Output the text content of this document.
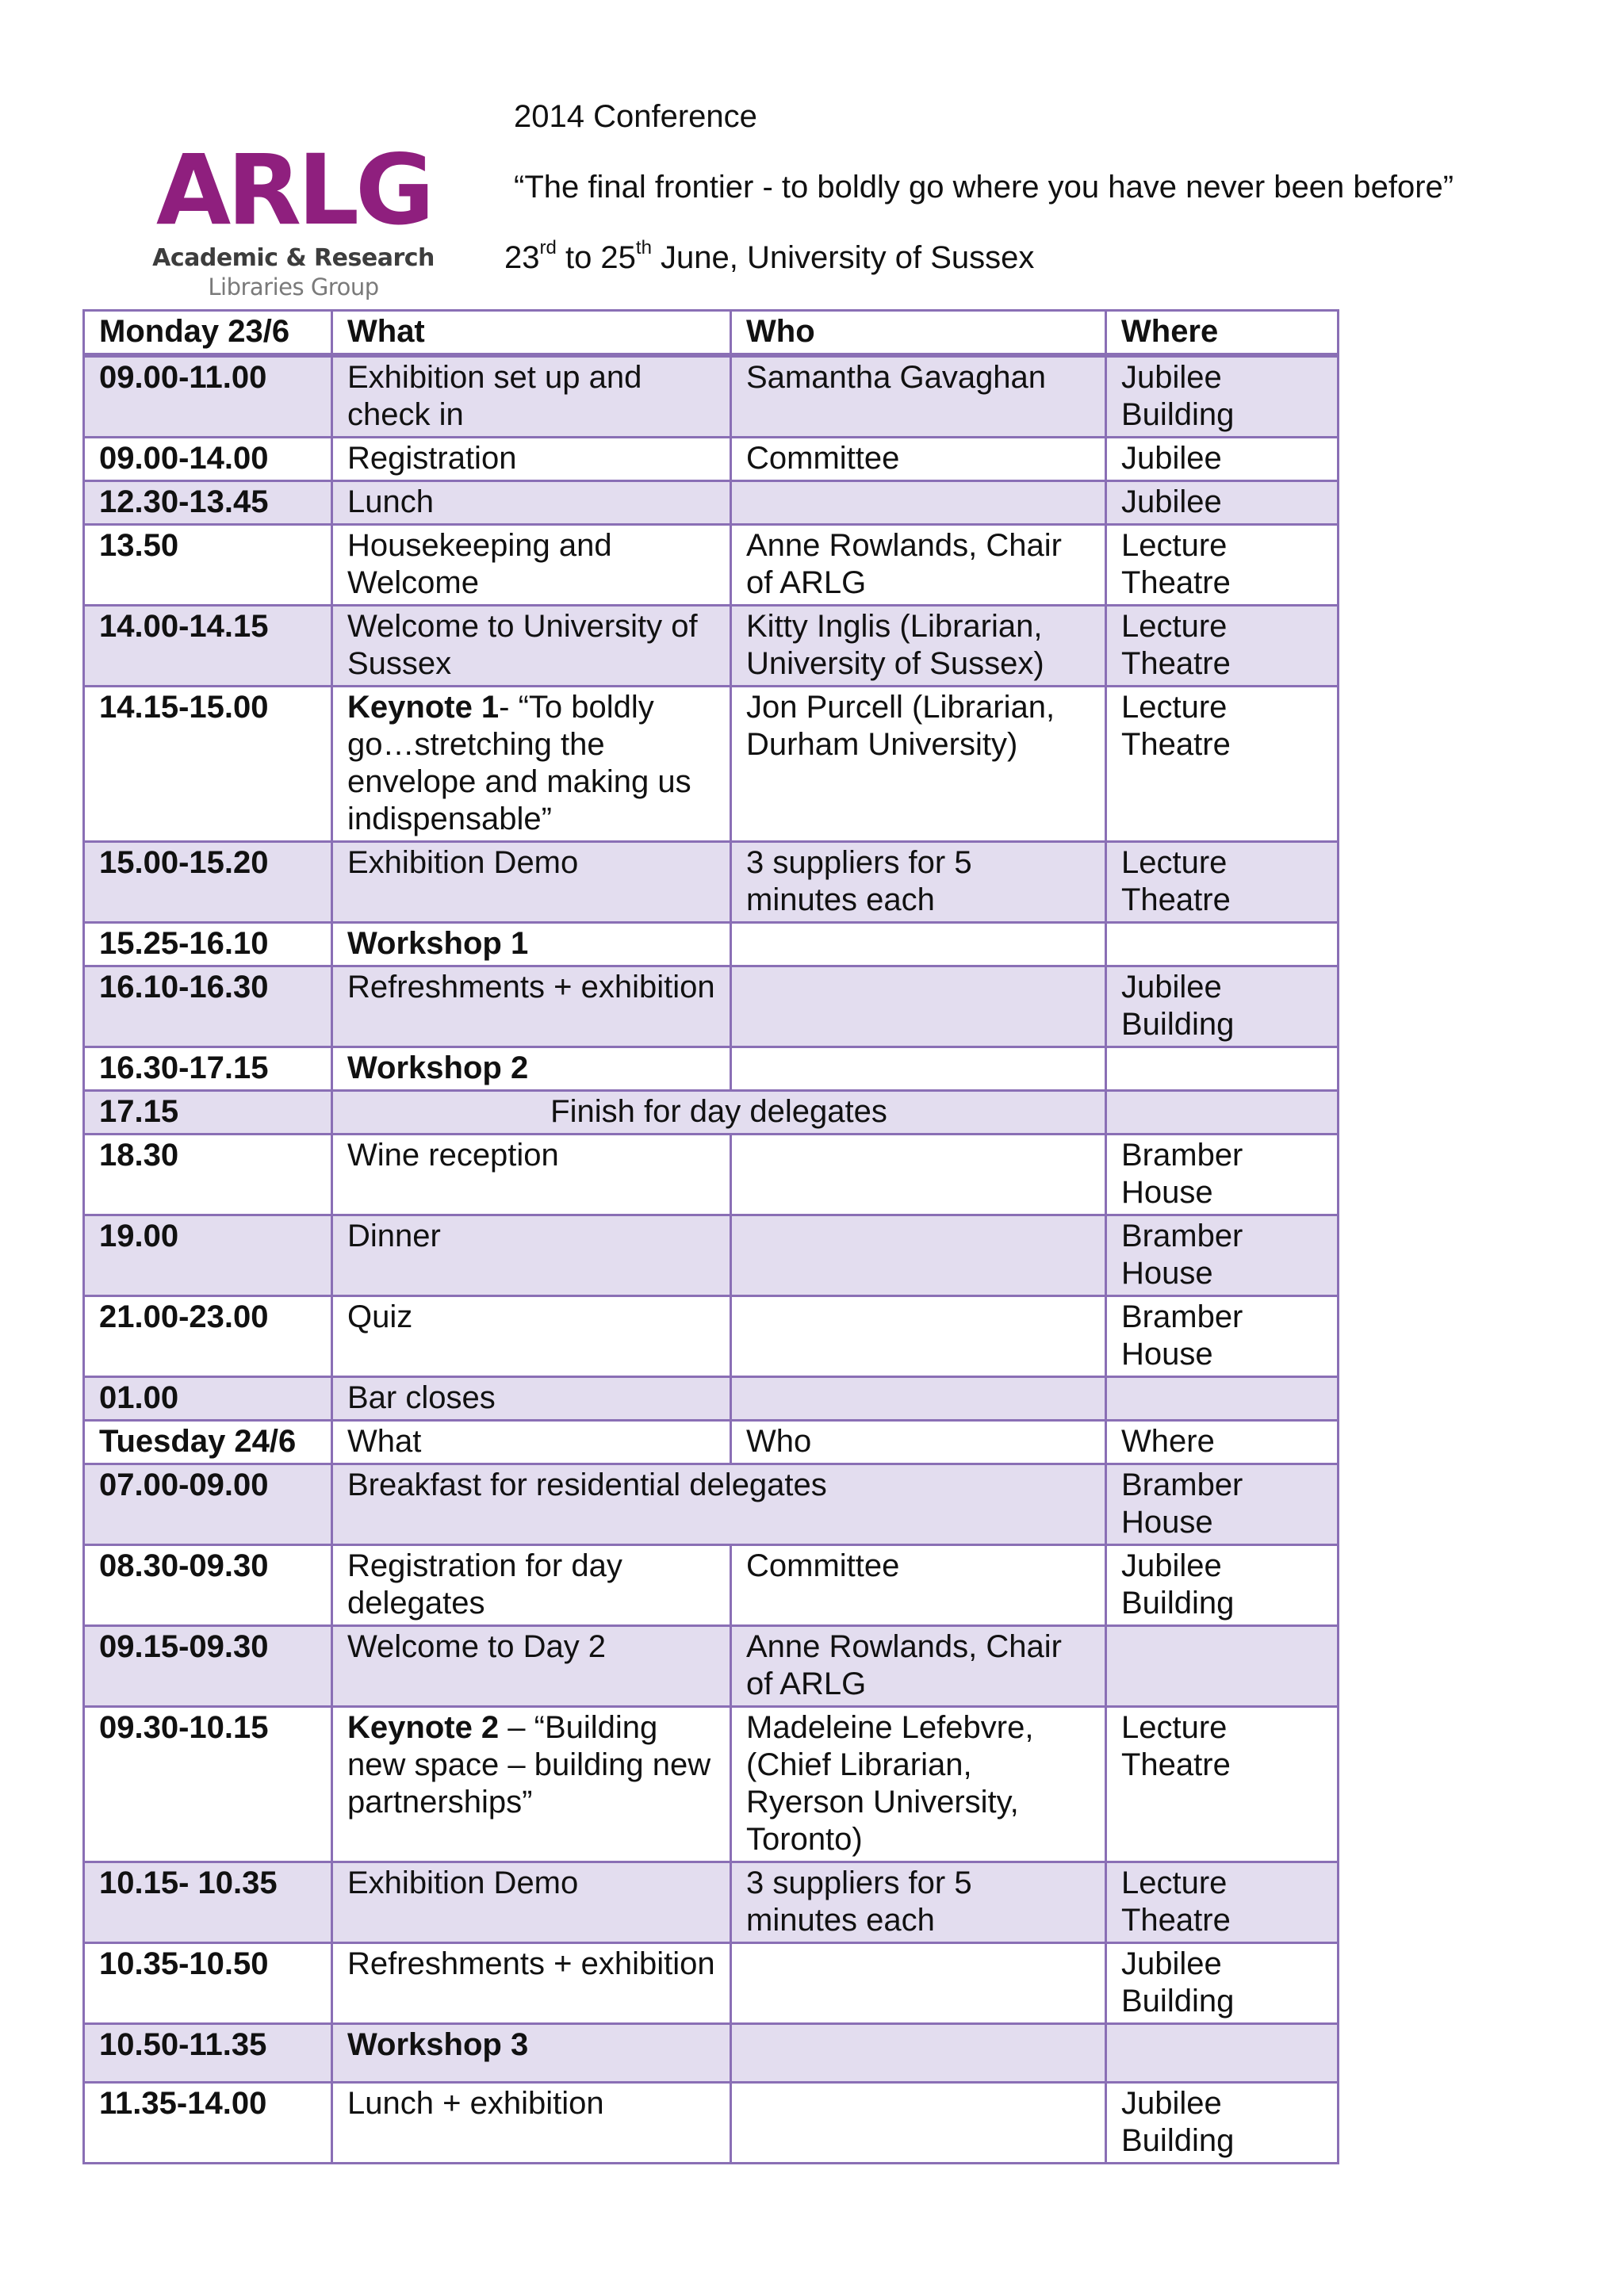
ARLG
Academic & Research
Libraries Group
2014 Conference
“The final frontier - to boldly go where you have never been before”
23rd to 25th June, University of Sussex
Monday 23/6	What	Who	Where
09.00-11.00	Exhibition set up and check in	Samantha Gavaghan	Jubilee Building
09.00-14.00	Registration	Committee	Jubilee
12.30-13.45	Lunch		Jubilee
13.50	Housekeeping and Welcome	Anne Rowlands, Chair of ARLG	Lecture Theatre
14.00-14.15	Welcome to University of Sussex	Kitty Inglis (Librarian, University of Sussex)	Lecture Theatre
14.15-15.00	Keynote 1- “To boldly go…stretching the envelope and making us indispensable”	Jon Purcell (Librarian, Durham University)	Lecture Theatre
15.00-15.20	Exhibition Demo	3 suppliers for 5 minutes each	Lecture Theatre
15.25-16.10	Workshop 1		
16.10-16.30	Refreshments + exhibition		Jubilee Building
16.30-17.15	Workshop 2		
17.15	Finish for day delegates		
18.30	Wine reception		Bramber House
19.00	Dinner		Bramber House
21.00-23.00	Quiz		Bramber House
01.00	Bar closes		
Tuesday 24/6	What	Who	Where
07.00-09.00	Breakfast for residential delegates		Bramber House
08.30-09.30	Registration for day delegates	Committee	Jubilee Building
09.15-09.30	Welcome to Day 2	Anne Rowlands, Chair of ARLG	
09.30-10.15	Keynote 2 – “Building new space – building new partnerships”	Madeleine Lefebvre, (Chief Librarian, Ryerson University, Toronto)	Lecture Theatre
10.15- 10.35	Exhibition Demo	3 suppliers for 5 minutes each	Lecture Theatre
10.35-10.50	Refreshments + exhibition		Jubilee Building
10.50-11.35	Workshop 3		
11.35-14.00	Lunch + exhibition		Jubilee Building
